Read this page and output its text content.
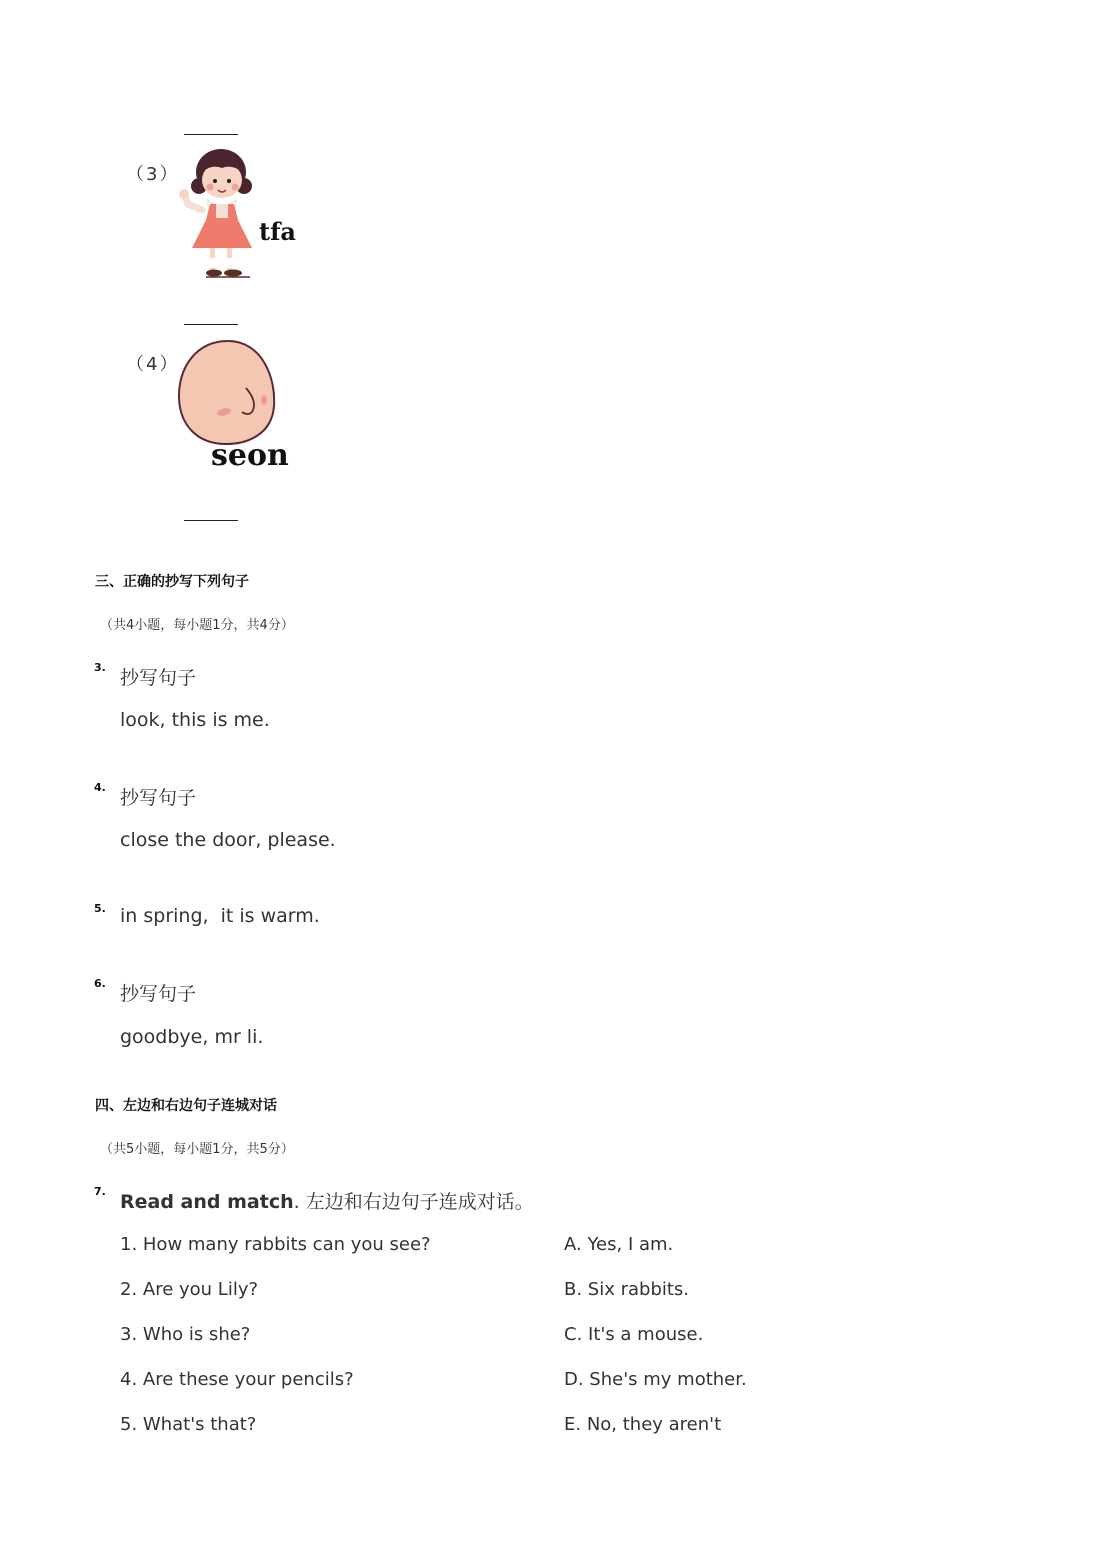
（3）
tfa
（4）
seon
三、正确的抄写下列句子
（共4小题，每小题1分，共4分）
3. 抄写句子
look, this is me.
4. 抄写句子
close the door, please.
5. in spring,  it is warm.
6. 抄写句子
goodbye, mr li.
四、左边和右边句子连城对话
（共5小题，每小题1分，共5分）
7. Read and match. 左边和右边句子连成对话。
1. How many rabbits can you see?
2. Are you Lily?
3. Who is she?
4. Are these your pencils?
5. What's that?
A. Yes, I am.
B. Six rabbits.
C. It's a mouse.
D. She's my mother.
E. No, they aren't
